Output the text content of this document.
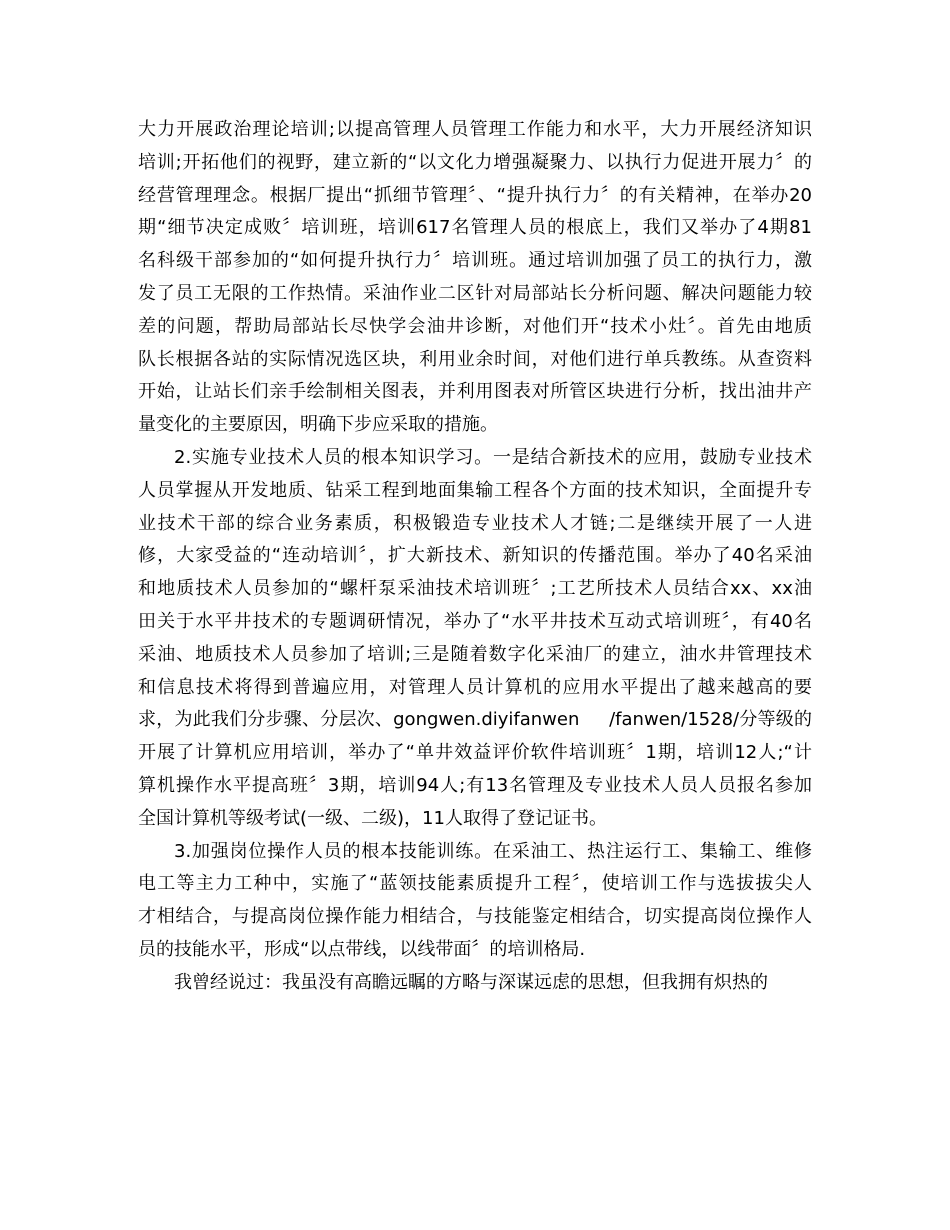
大力开展政治理论培训;以提高管理人员管理工作能力和水平，大力开展经济知识
培训;开拓他们的视野，建立新的“以文化力增强凝聚力、以执行力促进开展力〞的
经营管理理念。根据厂提出“抓细节管理〞、“提升执行力〞的有关精神，在举办20
期“细节决定成败〞培训班，培训617名管理人员的根底上，我们又举办了4期81
名科级干部参加的“如何提升执行力〞培训班。通过培训加强了员工的执行力，激
发了员工无限的工作热情。采油作业二区针对局部站长分析问题、解决问题能力较
差的问题，帮助局部站长尽快学会油井诊断，对他们开“技术小灶〞。首先由地质
队长根据各站的实际情况选区块，利用业余时间，对他们进行单兵教练。从查资料
开始，让站长们亲手绘制相关图表，并利用图表对所管区块进行分析，找出油井产
量变化的主要原因，明确下步应采取的措施。
2.实施专业技术人员的根本知识学习。一是结合新技术的应用，鼓励专业技术
人员掌握从开发地质、钻采工程到地面集输工程各个方面的技术知识，全面提升专
业技术干部的综合业务素质，积极锻造专业技术人才链;二是继续开展了一人进
修，大家受益的“连动培训〞，扩大新技术、新知识的传播范围。举办了40名采油
和地质技术人员参加的“螺杆泵采油技术培训班〞;工艺所技术人员结合xx、xx油
田关于水平井技术的专题调研情况，举办了“水平井技术互动式培训班〞，有40名
采油、地质技术人员参加了培训;三是随着数字化采油厂的建立，油水井管理技术
和信息技术将得到普遍应用，对管理人员计算机的应用水平提出了越来越高的要
求，为此我们分步骤、分层次、gongwen.diyifanwen     /fanwen/1528/分等级的
开展了计算机应用培训，举办了“单井效益评价软件培训班〞1期，培训12人;“计
算机操作水平提高班〞3期，培训94人;有13名管理及专业技术人员人员报名参加
全国计算机等级考试(一级、二级)，11人取得了登记证书。
3.加强岗位操作人员的根本技能训练。在采油工、热注运行工、集输工、维修
电工等主力工种中，实施了“蓝领技能素质提升工程〞，使培训工作与选拔拔尖人
才相结合，与提高岗位操作能力相结合，与技能鉴定相结合，切实提高岗位操作人
员的技能水平，形成“以点带线，以线带面〞的培训格局.
我曾经说过：我虽没有高瞻远瞩的方略与深谋远虑的思想，但我拥有炽热的
